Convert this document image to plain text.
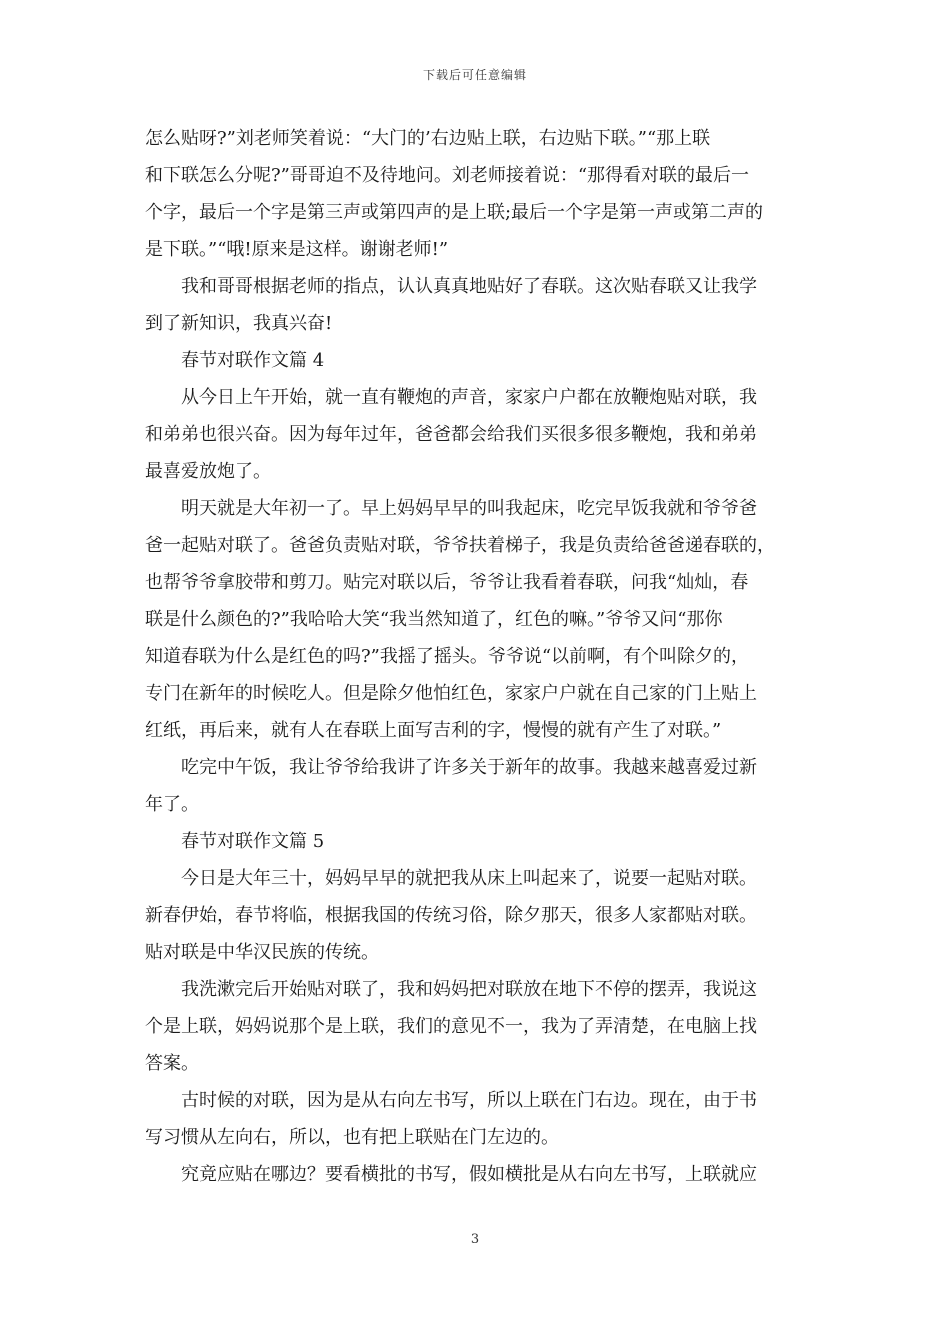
下载后可任意编辑
怎么贴呀?”刘老师笑着说：“大门的’右边贴上联，右边贴下联。”“那上联
和下联怎么分呢?”哥哥迫不及待地问。刘老师接着说：“那得看对联的最后一
个字，最后一个字是第三声或第四声的是上联;最后一个字是第一声或第二声的
是下联。”“哦!原来是这样。谢谢老师!”
我和哥哥根据老师的指点，认认真真地贴好了春联。这次贴春联又让我学
到了新知识，我真兴奋!
春节对联作文篇 4
从今日上午开始，就一直有鞭炮的声音，家家户户都在放鞭炮贴对联，我
和弟弟也很兴奋。因为每年过年，爸爸都会给我们买很多很多鞭炮，我和弟弟
最喜爱放炮了。
明天就是大年初一了。早上妈妈早早的叫我起床，吃完早饭我就和爷爷爸
爸一起贴对联了。爸爸负责贴对联，爷爷扶着梯子，我是负责给爸爸递春联的，
也帮爷爷拿胶带和剪刀。贴完对联以后，爷爷让我看着春联，问我“灿灿，春
联是什么颜色的?”我哈哈大笑“我当然知道了，红色的嘛。”爷爷又问“那你
知道春联为什么是红色的吗?”我摇了摇头。爷爷说“以前啊，有个叫除夕的，
专门在新年的时候吃人。但是除夕他怕红色，家家户户就在自己家的门上贴上
红纸，再后来，就有人在春联上面写吉利的字，慢慢的就有产生了对联。”
吃完中午饭，我让爷爷给我讲了许多关于新年的故事。我越来越喜爱过新
年了。
春节对联作文篇 5
今日是大年三十，妈妈早早的就把我从床上叫起来了，说要一起贴对联。
新春伊始，春节将临，根据我国的传统习俗，除夕那天，很多人家都贴对联。
贴对联是中华汉民族的传统。
我洗漱完后开始贴对联了，我和妈妈把对联放在地下不停的摆弄，我说这
个是上联，妈妈说那个是上联，我们的意见不一，我为了弄清楚，在电脑上找
答案。
古时候的对联，因为是从右向左书写，所以上联在门右边。现在，由于书
写习惯从左向右，所以，也有把上联贴在门左边的。
究竟应贴在哪边？要看横批的书写，假如横批是从右向左书写，上联就应
3
